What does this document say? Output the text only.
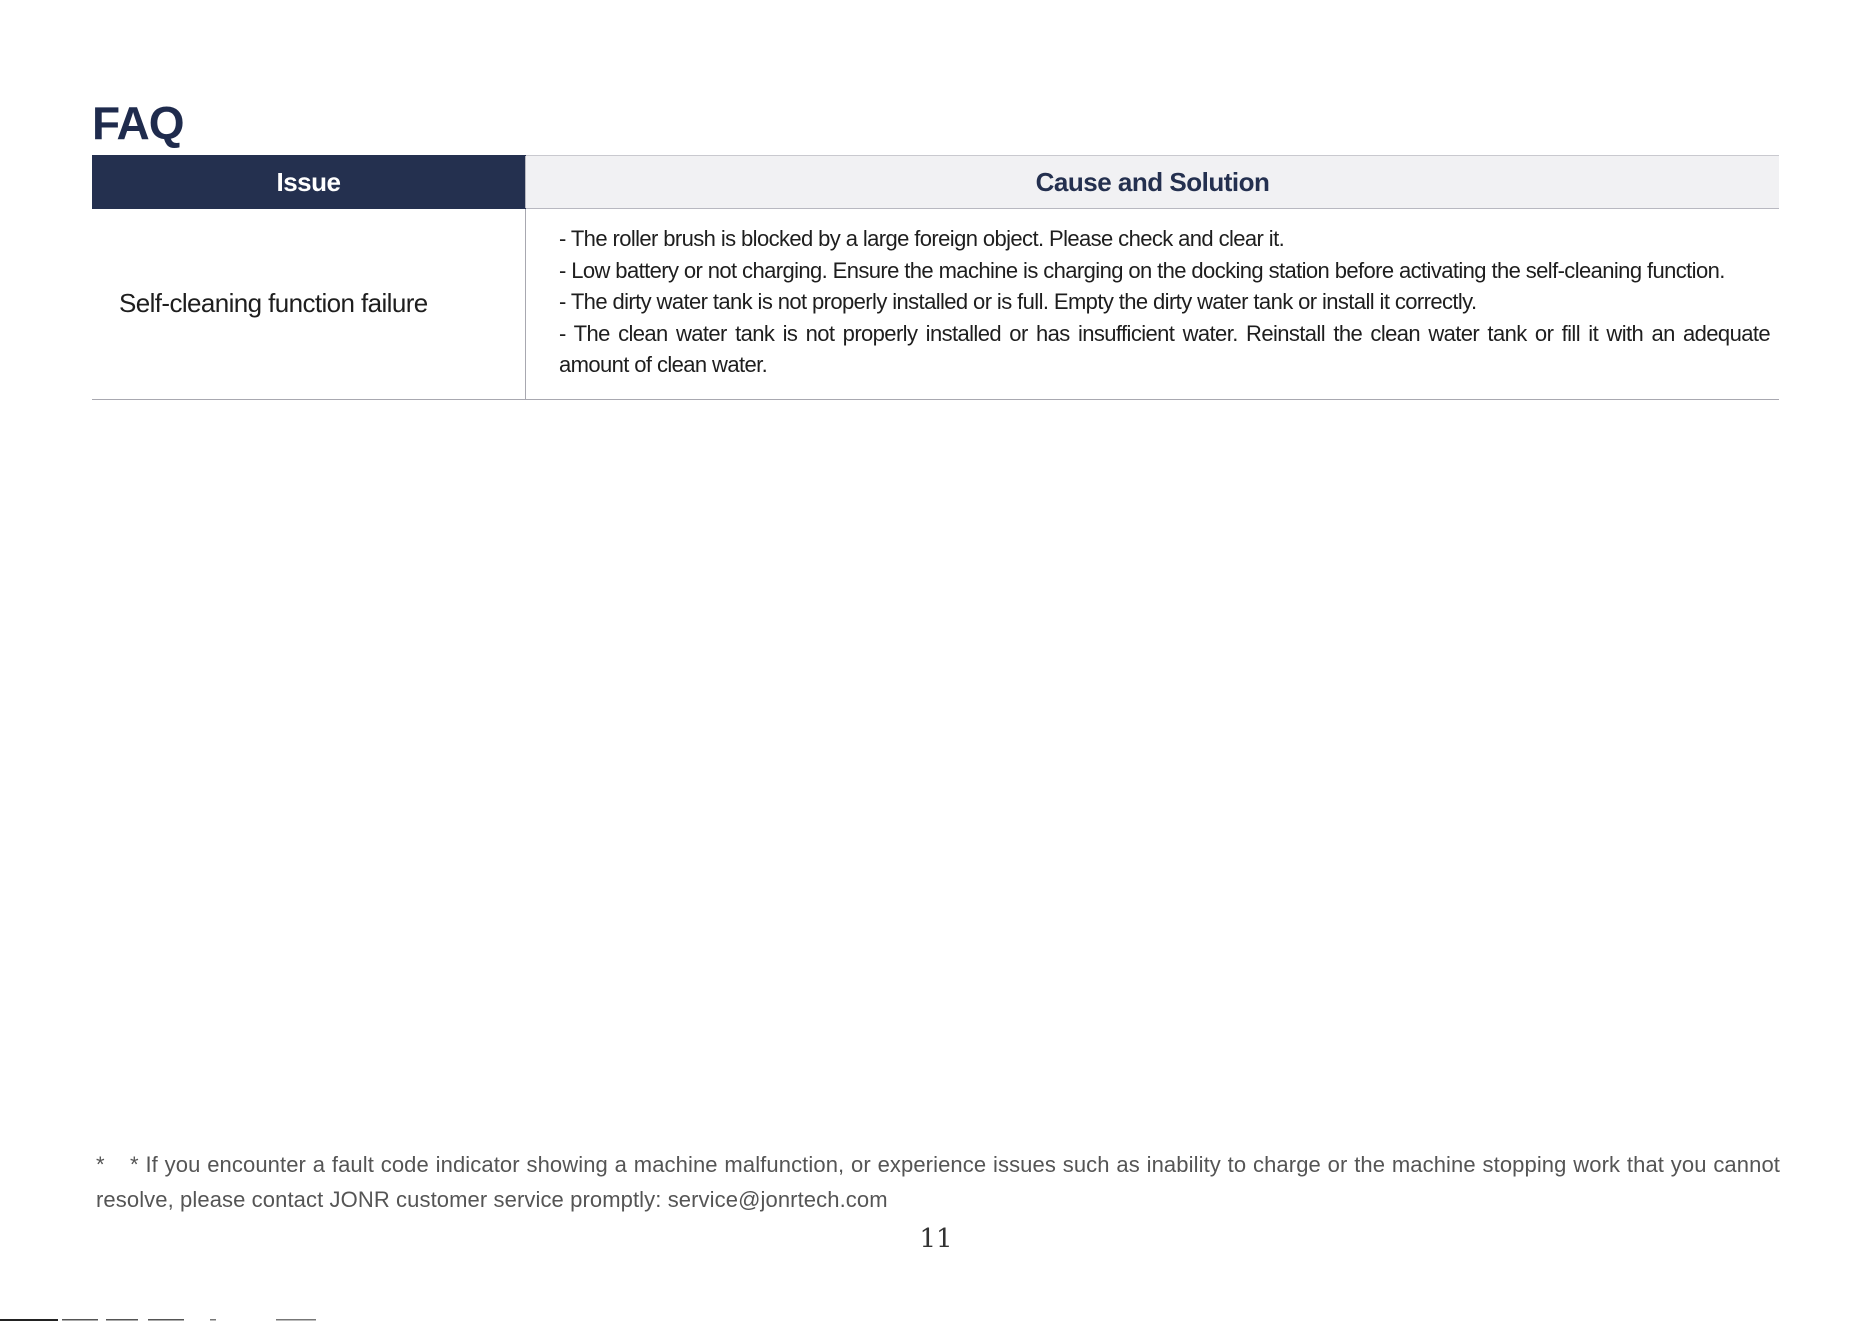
FAQ
Issue	Cause and Solution
Self-cleaning function failure	- The roller brush is blocked by a large foreign object. Please check and clear it.

- Low battery or not charging. Ensure the machine is charging on the docking station before activating the self-cleaning function.

- The dirty water tank is not properly installed or is full. Empty the dirty water tank or install it correctly.

- The clean water tank is not properly installed or has insufficient water. Reinstall the clean water tank or fill it with an adequate amount of clean water.

* * If you encounter a fault code indicator showing a machine malfunction, or experience issues such as inability to charge or the machine stopping work that you cannot resolve, please contact JONR customer service promptly: service@jonrtech.com

11
